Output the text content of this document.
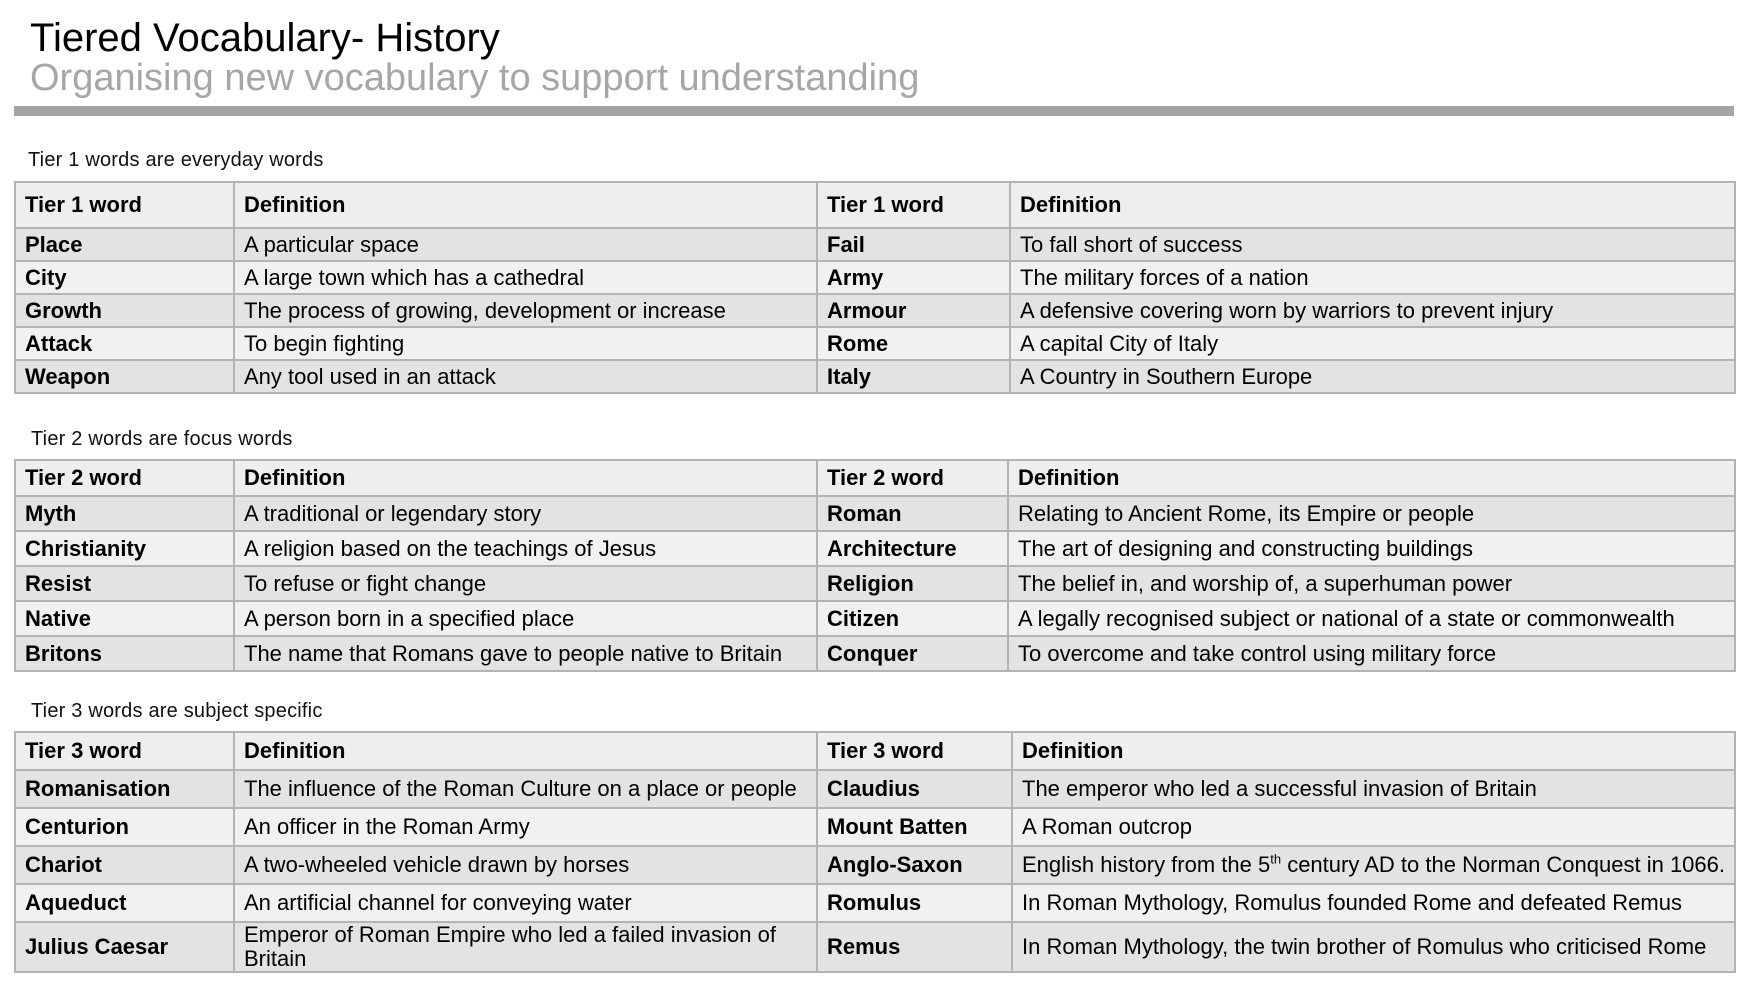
Tiered Vocabulary- History
Organising new vocabulary to support understanding
Tier 1 words are everyday words
Tier 1 word	Definition	Tier 1 word	Definition
Place	A particular space	Fail	To fall short of success
City	A large town which has a cathedral	Army	The military forces of a nation
Growth	The process of growing, development or increase	Armour	A defensive covering worn by warriors to prevent injury
Attack	To begin fighting	Rome	A capital City of Italy
Weapon	Any tool used in an attack	Italy	A Country in Southern Europe
Tier 2 words are focus words
Tier 2 word	Definition	Tier 2 word	Definition
Myth	A traditional or legendary story	Roman	Relating to Ancient Rome, its Empire or people
Christianity	A religion based on the teachings of Jesus	Architecture	The art of designing and constructing buildings
Resist	To refuse or fight change	Religion	The belief in, and worship of, a superhuman power
Native	A person born in a specified place	Citizen	A legally recognised subject or national of a state or commonwealth
Britons	The name that Romans gave to people native to Britain	Conquer	To overcome and take control using military force
Tier 3 words are subject specific
Tier 3 word	Definition	Tier 3 word	Definition
Romanisation	The influence of the Roman Culture on a place or people	Claudius	The emperor who led a successful invasion of Britain
Centurion	An officer in the Roman Army	Mount Batten	A Roman outcrop
Chariot	A two-wheeled vehicle drawn by horses	Anglo-Saxon	English history from the 5th century AD to the Norman Conquest in 1066.
Aqueduct	An artificial channel for conveying water	Romulus	In Roman Mythology, Romulus founded Rome and defeated Remus
Julius Caesar	Emperor of Roman Empire who led a failed invasion of Britain	Remus	In Roman Mythology, the twin brother of Romulus who criticised Rome
